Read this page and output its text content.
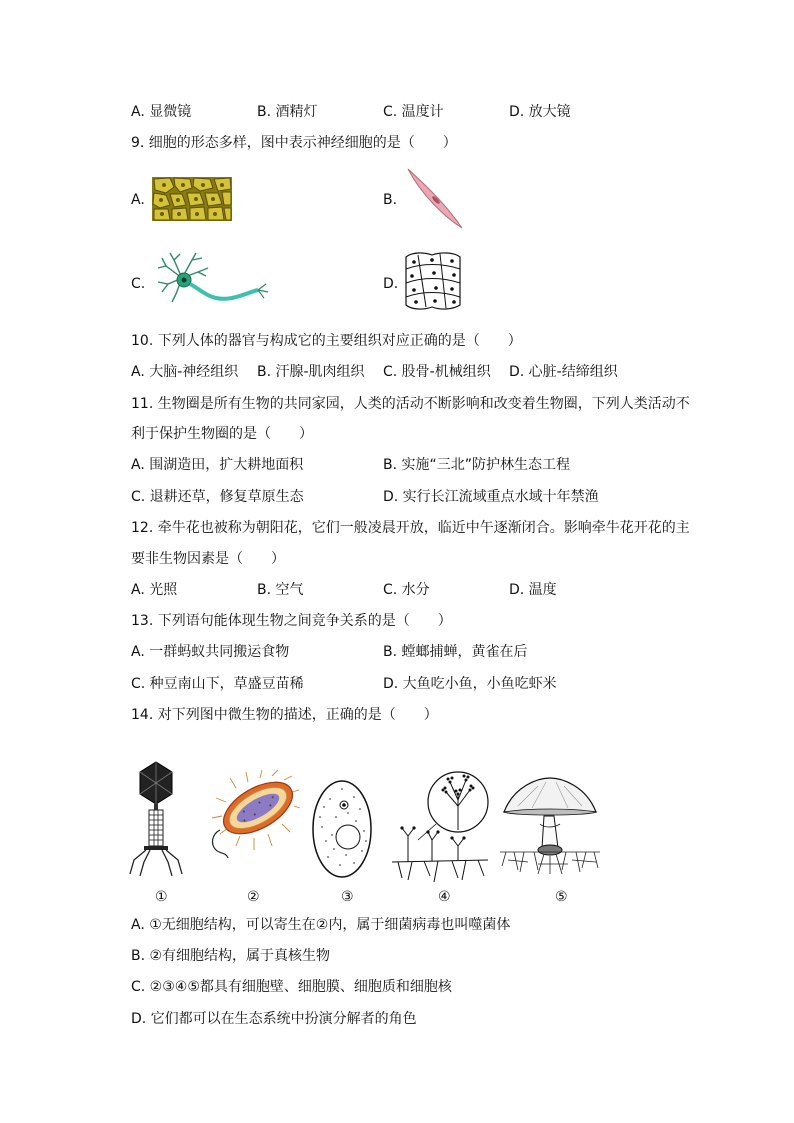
A. 显微镜	B. 酒精灯	C. 温度计	D. 放大镜
9. 细胞的形态多样，图中表示神经细胞的是（　　）
A.	B.
C.	D.
10. 下列人体的器官与构成它的主要组织对应正确的是（　　）
A. 大脑-神经组织 B. 汗腺-肌肉组织 C. 股骨-机械组织 D. 心脏-结缔组织
11. 生物圈是所有生物的共同家园，人类的活动不断影响和改变着生物圈，下列人类活动不
利于保护生物圈的是（　　）
A. 围湖造田，扩大耕地面积	B. 实施“三北”防护林生态工程
C. 退耕还草，修复草原生态	D. 实行长江流域重点水域十年禁渔
12. 牵牛花也被称为朝阳花，它们一般凌晨开放，临近中午逐渐闭合。影响牵牛花开花的主
要非生物因素是（　　）
A. 光照	B. 空气	C. 水分	D. 温度
13. 下列语句能体现生物之间竞争关系的是（　　）
A. 一群蚂蚁共同搬运食物	B. 螳螂捕蝉，黄雀在后
C. 种豆南山下，草盛豆苗稀	D. 大鱼吃小鱼，小鱼吃虾米
14. 对下列图中微生物的描述，正确的是（　　）
①	②	③	④	⑤
A. ①无细胞结构，可以寄生在②内，属于细菌病毒也叫噬菌体
B. ②有细胞结构，属于真核生物
C. ②③④⑤都具有细胞壁、细胞膜、细胞质和细胞核
D. 它们都可以在生态系统中扮演分解者的角色
